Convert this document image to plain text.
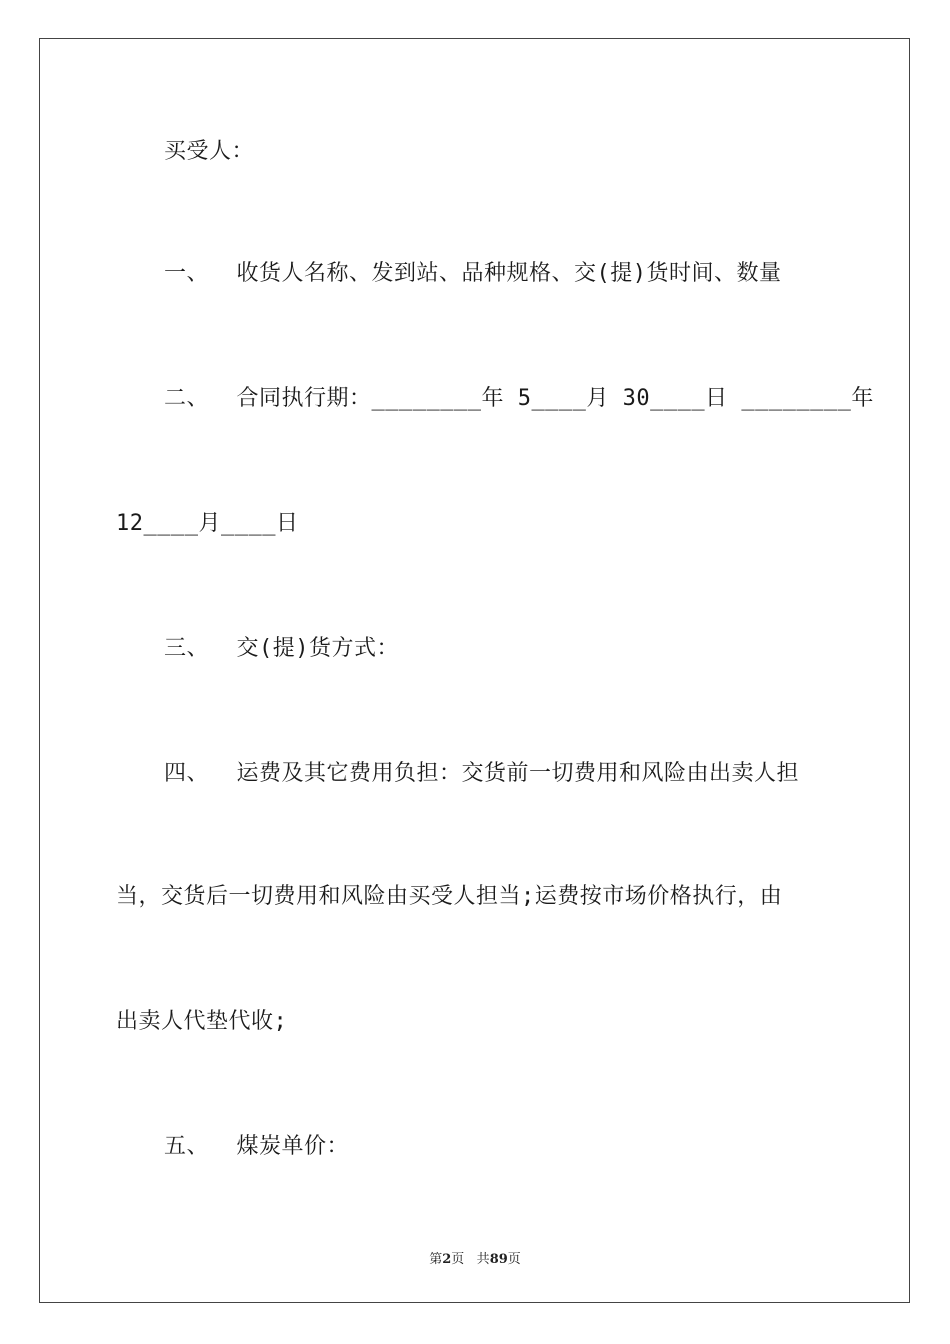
买受人：
一、  收货人名称、发到站、品种规格、交(提)货时间、数量
二、  合同执行期：________年 5____月 30____日 ________年
12____月____日
三、  交(提)货方式：
四、  运费及其它费用负担：交货前一切费用和风险由出卖人担
当，交货后一切费用和风险由买受人担当;运费按市场价格执行，由
出卖人代垫代收;
五、  煤炭单价：
第2页 共89页
